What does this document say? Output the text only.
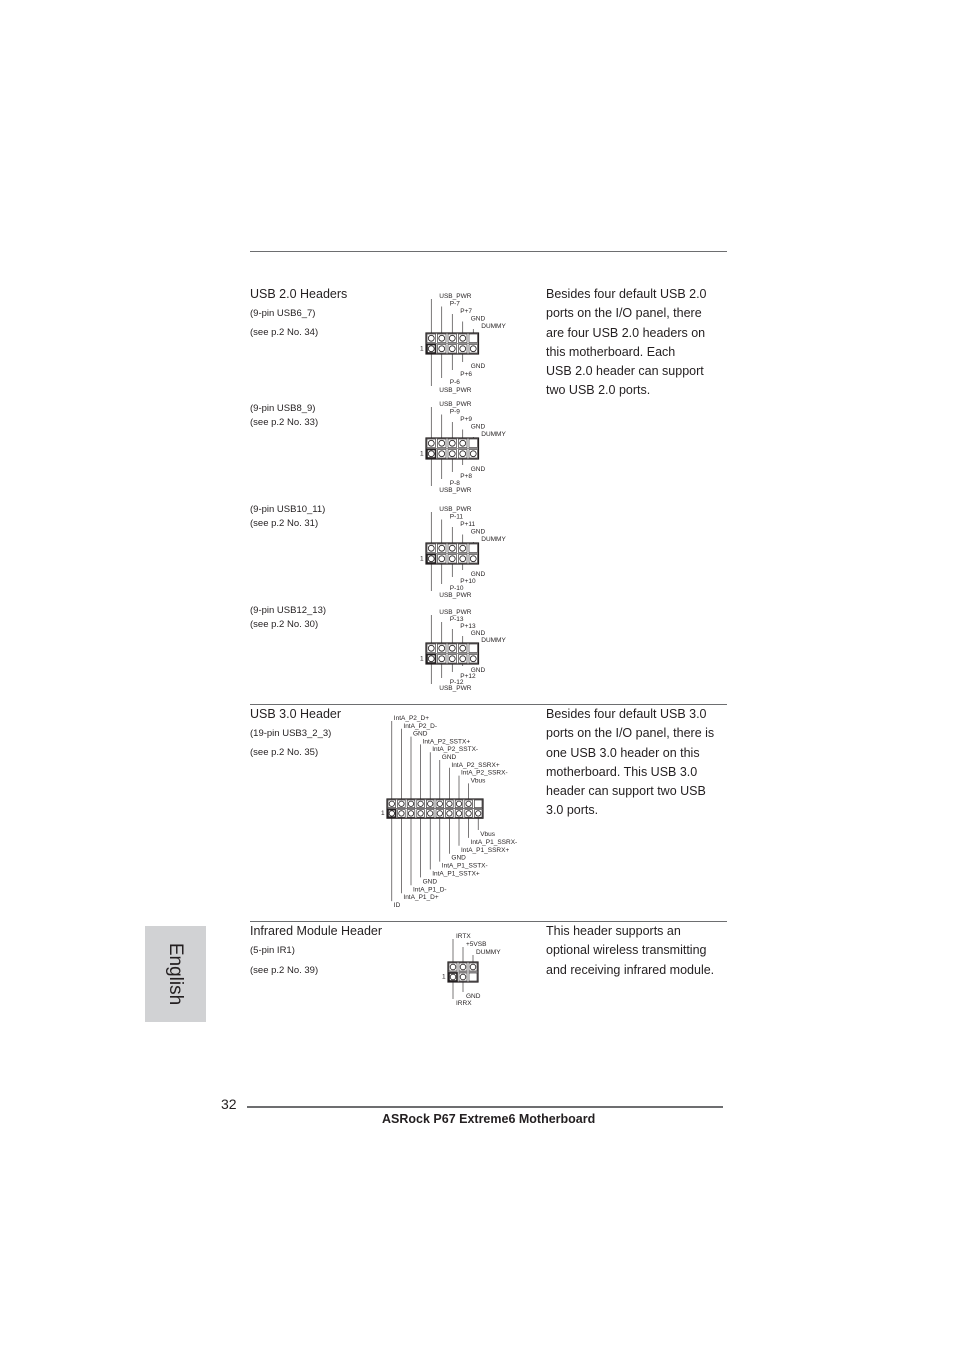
USB 2.0 Headers
(9-pin USB6_7)
(see p.2 No. 34)
(9-pin USB8_9)
(see p.2 No. 33)
(9-pin USB10_11)
(see p.2 No. 31)
(9-pin USB12_13)
(see p.2 No. 30)
Besides four default USB 2.0
ports on the I/O panel, there
are four USB 2.0 headers on
this motherboard. Each
USB 2.0 header can support
two USB 2.0 ports.
1
USB_PWR
P-7
P+7
GND
DUMMY
GND
P+6
P-6
USB_PWR
1
USB_PWR
P-9
P+9
GND
DUMMY
GND
P+8
P-8
USB_PWR
1
USB_PWR
P-11
P+11
GND
DUMMY
GND
P+10
P-10
USB_PWR
1
USB_PWR
P-13
P+13
GND
DUMMY
GND
P+12
P-12
USB_PWR
USB 3.0 Header
(19-pin USB3_2_3)
(see p.2 No. 35)
Besides four default USB 3.0
ports on the I/O panel, there is
one USB 3.0 header on this
motherboard. This USB 3.0
header can support two USB
3.0 ports.
1
IntA_P2_D+
IntA_P2_D-
GND
IntA_P2_SSTX+
IntA_P2_SSTX-
GND
IntA_P2_SSRX+
IntA_P2_SSRX-
Vbus
Vbus
IntA_P1_SSRX-
IntA_P1_SSRX+
GND
IntA_P1_SSTX-
IntA_P1_SSTX+
GND
IntA_P1_D-
IntA_P1_D+
ID
Infrared Module Header
(5-pin IR1)
(see p.2 No. 39)
This header supports an
optional wireless transmitting
and receiving infrared module.
1
IRTX
+5VSB
DUMMY
GND
IRRX
English
32
ASRock P67 Extreme6 Motherboard
